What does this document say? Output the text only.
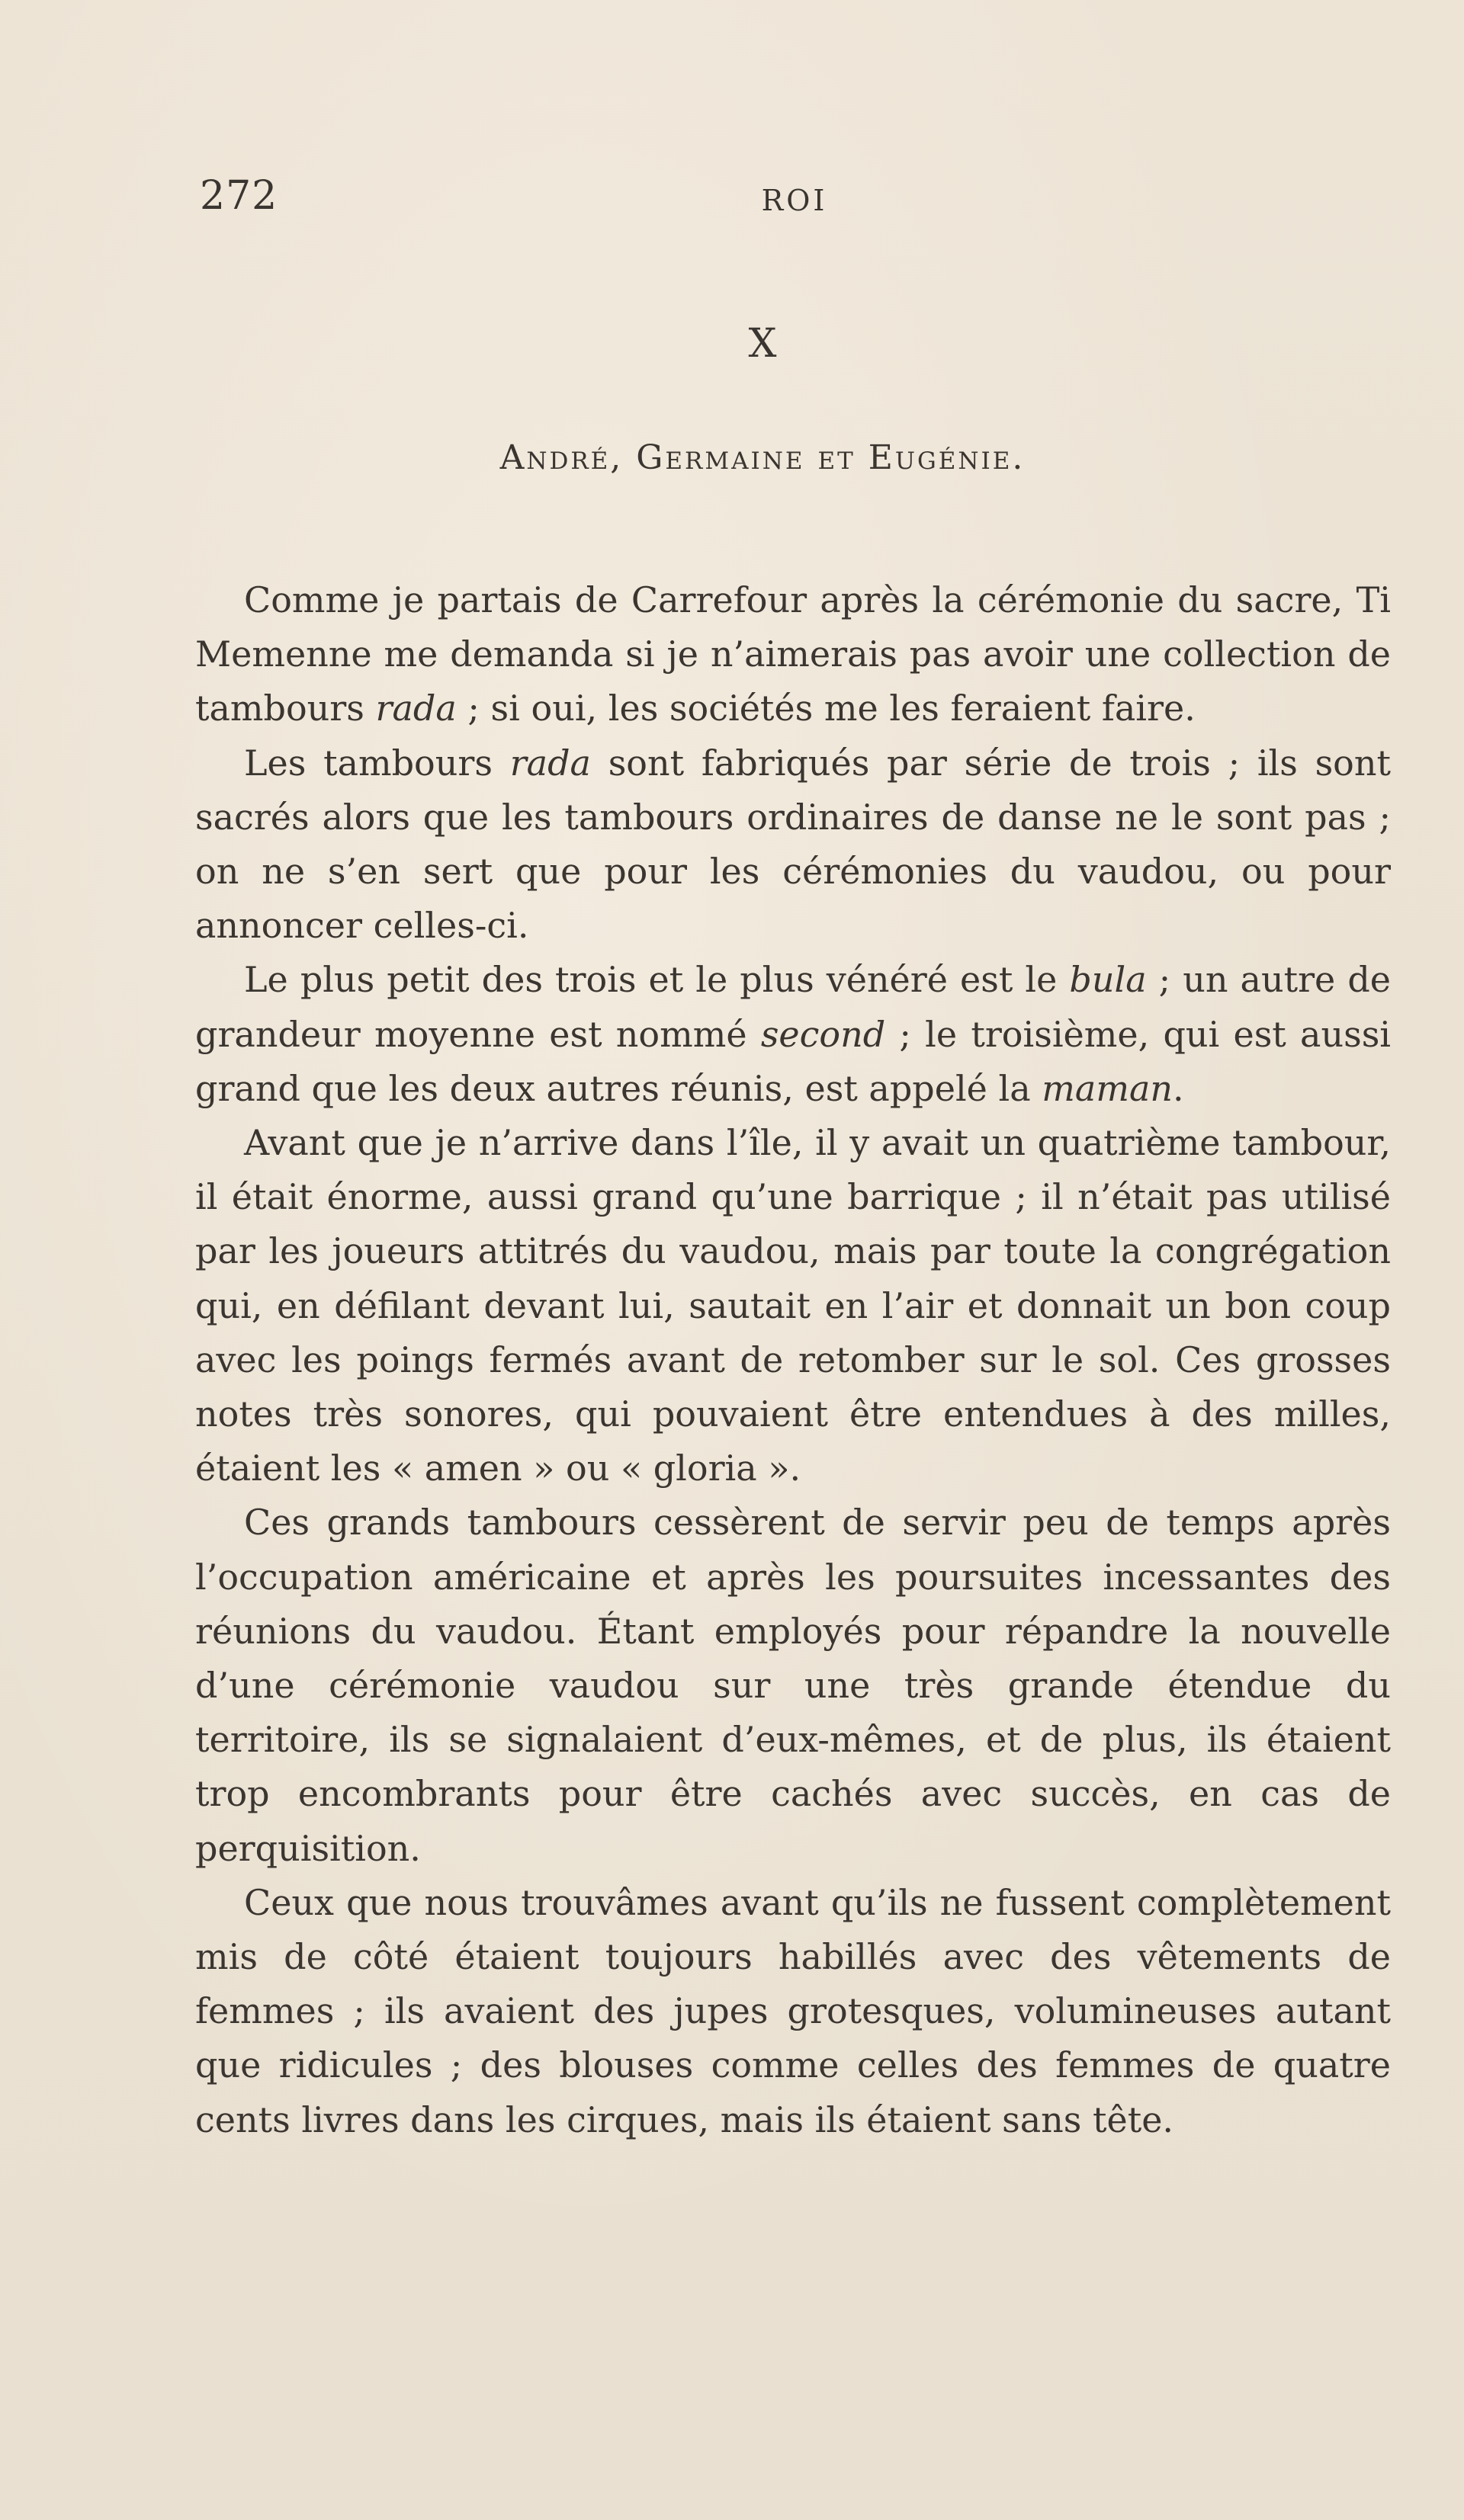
272	ROI
X
André, Germaine et Eugénie.

Comme je partais de Carrefour après la cérémonie du sacre, Ti Memenne me demanda si je n’aimerais pas avoir une collection de tambours rada ; si oui, les sociétés me les feraient faire.

Les tambours rada sont fabriqués par série de trois ; ils sont sacrés alors que les tambours ordinaires de danse ne le sont pas ; on ne s’en sert que pour les cérémonies du vaudou, ou pour annoncer celles-ci.

Le plus petit des trois et le plus vénéré est le bula ; un autre de grandeur moyenne est nommé second ; le troisième, qui est aussi grand que les deux autres réunis, est appelé la maman.

Avant que je n’arrive dans l’île, il y avait un quatrième tambour, il était énorme, aussi grand qu’une barrique ; il n’était pas utilisé par les joueurs attitrés du vaudou, mais par toute la congrégation qui, en défilant devant lui, sautait en l’air et donnait un bon coup avec les poings fermés avant de retomber sur le sol. Ces grosses notes très sonores, qui pouvaient être entendues à des milles, étaient les « amen » ou « gloria ».

Ces grands tambours cessèrent de servir peu de temps après l’occupation américaine et après les poursuites incessantes des réunions du vaudou. Étant employés pour répandre la nouvelle d’une cérémonie vaudou sur une très grande étendue du territoire, ils se signalaient d’eux-mêmes, et de plus, ils étaient trop encombrants pour être cachés avec succès, en cas de perquisition.

Ceux que nous trouvâmes avant qu’ils ne fussent complètement mis de côté étaient toujours habillés avec des vêtements de femmes ; ils avaient des jupes grotesques, volumineuses autant que ridicules ; des blouses comme celles des femmes de quatre cents livres dans les cirques, mais ils étaient sans tête.
